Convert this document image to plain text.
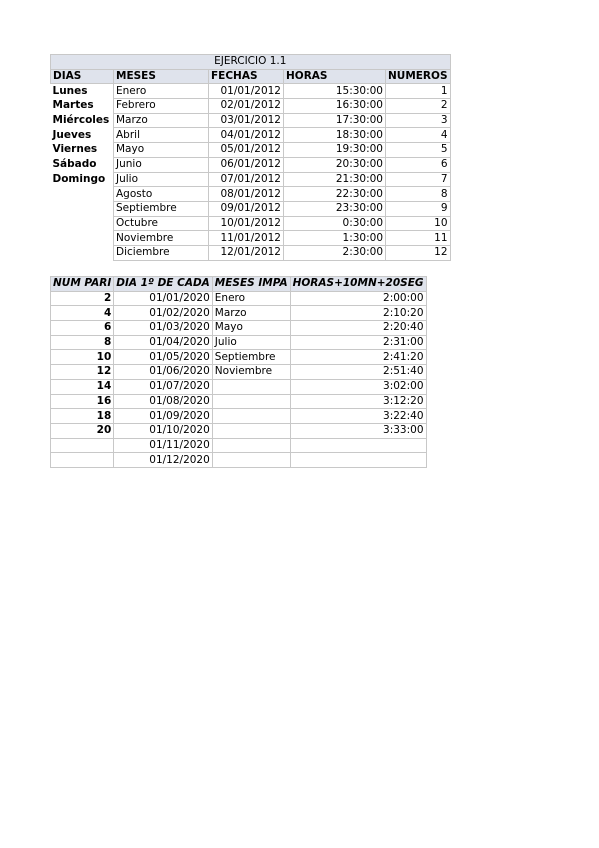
EJERCICIO 1.1				
DIAS	MESES	FECHAS	HORAS	NÚMEROS
Lunes	Enero	01/01/2012	15:30:00	1
Martes	Febrero	02/01/2012	16:30:00	2
Miércoles	Marzo	03/01/2012	17:30:00	3
Jueves	Abril	04/01/2012	18:30:00	4
Viernes	Mayo	05/01/2012	19:30:00	5
Sábado	Junio	06/01/2012	20:30:00	6
Domingo	Julio	07/01/2012	21:30:00	7
	Agosto	08/01/2012	22:30:00	8
	Septiembre	09/01/2012	23:30:00	9
	Octubre	10/01/2012	0:30:00	10
	Noviembre	11/01/2012	1:30:00	11
	Diciembre	12/01/2012	2:30:00	12
NUM PARI	DIA 1º DE CADA	MESES IMPA	HORAS+10MN+20SEG
2	01/01/2020	Enero	2:00:00
4	01/02/2020	Marzo	2:10:20
6	01/03/2020	Mayo	2:20:40
8	01/04/2020	Julio	2:31:00
10	01/05/2020	Septiembre	2:41:20
12	01/06/2020	Noviembre	2:51:40
14	01/07/2020		3:02:00
16	01/08/2020		3:12:20
18	01/09/2020		3:22:40
20	01/10/2020		3:33:00
	01/11/2020		
	01/12/2020		
